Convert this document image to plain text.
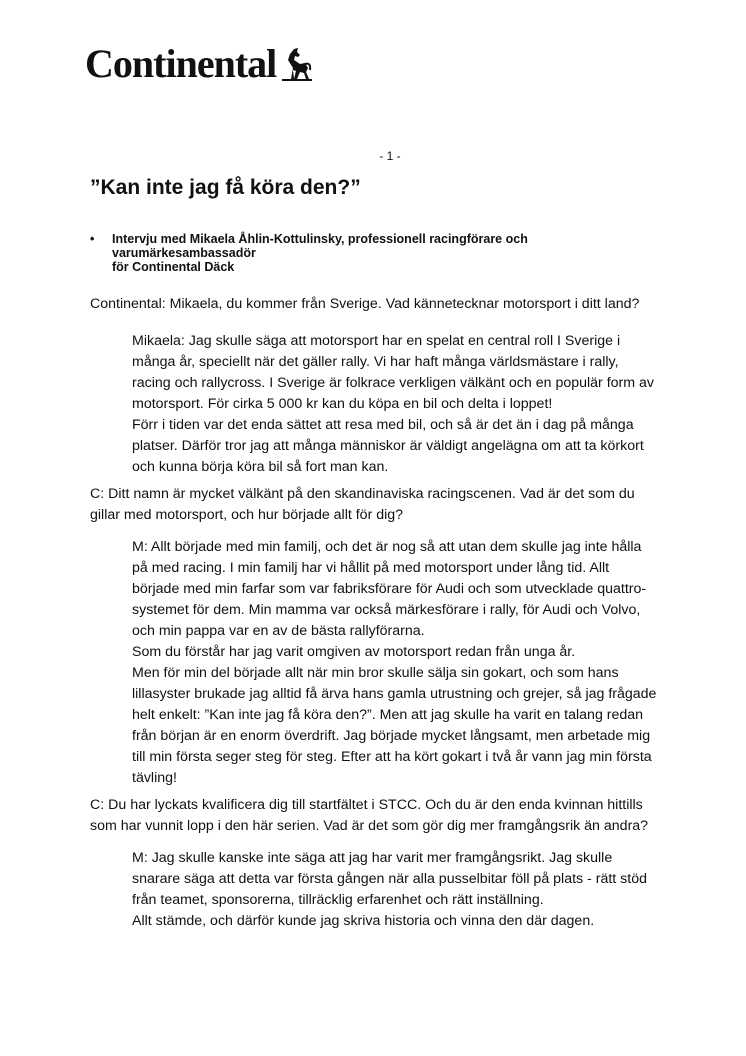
Continental
- 1 -
”Kan inte jag få köra den?”
• Intervju med Mikaela Åhlin-Kottulinsky, professionell racingförare och
varumärkesambassadör
för Continental Däck

Continental: Mikaela, du kommer från Sverige. Vad kännetecknar motorsport i ditt land?

Mikaela: Jag skulle säga att motorsport har en spelat en central roll I Sverige i

många år, speciellt när det gäller rally. Vi har haft många världsmästare i rally,

racing och rallycross. I Sverige är folkrace verkligen välkänt och en populär form av

motorsport. För cirka 5 000 kr kan du köpa en bil och delta i loppet!

Förr i tiden var det enda sättet att resa med bil, och så är det än i dag på många

platser. Därför tror jag att många människor är väldigt angelägna om att ta körkort

och kunna börja köra bil så fort man kan.

C: Ditt namn är mycket välkänt på den skandinaviska racingscenen. Vad är det som du

gillar med motorsport, och hur började allt för dig?

M: Allt började med min familj, och det är nog så att utan dem skulle jag inte hålla

på med racing. I min familj har vi hållit på med motorsport under lång tid. Allt

började med min farfar som var fabriksförare för Audi och som utvecklade quattro-

systemet för dem. Min mamma var också märkesförare i rally, för Audi och Volvo,

och min pappa var en av de bästa rallyförarna.

Som du förstår har jag varit omgiven av motorsport redan från unga år.

Men för min del började allt när min bror skulle sälja sin gokart, och som hans

lillasyster brukade jag alltid få ärva hans gamla utrustning och grejer, så jag frågade

helt enkelt: ”Kan inte jag få köra den?”. Men att jag skulle ha varit en talang redan

från början är en enorm överdrift. Jag började mycket långsamt, men arbetade mig

till min första seger steg för steg. Efter att ha kört gokart i två år vann jag min första

tävling!

C: Du har lyckats kvalificera dig till startfältet i STCC. Och du är den enda kvinnan hittills

som har vunnit lopp i den här serien. Vad är det som gör dig mer framgångsrik än andra?

M: Jag skulle kanske inte säga att jag har varit mer framgångsrikt. Jag skulle

snarare säga att detta var första gången när alla pusselbitar föll på plats - rätt stöd

från teamet, sponsorerna, tillräcklig erfarenhet och rätt inställning.

Allt stämde, och därför kunde jag skriva historia och vinna den där dagen.
